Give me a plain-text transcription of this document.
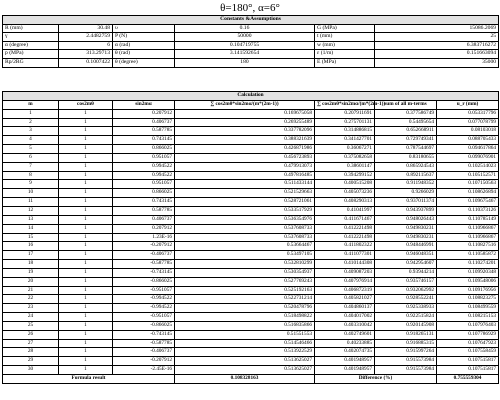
θ=180°, α=6°
Constants &Assumptions					
R (mm)	30.48	υ	0.16	G (MPa)	15086.2069
γ	2.4482759	P (N)	50000	t (mm)	25
α (degree)	6	α (rad)	0.104719755	w (mm)	6.383716272
p (MPa)	313.29713	θ (rad)	3.141592654	ε (1/m)	0.151663094
Rp/2RG	0.1007422	θ (degree)	180	E (MPa)	35000
Calculation						
m	cos2mθ	sin2mα	∑ cos2mθ*sin2mα/(m*(2m-1))	∑ cos2mθ*sin2mα/(m*(2m-1))	sum of all m-terms	u_r (mm)
1	1	0.207912	0.169675058	0.207911691	0.377586749	0.053317796
2	1	0.406737	0.269255489	0.275701131	0.54495654	0.077078799
3	1	0.587785	0.337782096	0.314886815	0.652668911	0.08103018
4	1	0.743145	0.388321639	0.341427701	0.729749341	0.088705433
5	1	0.866025	0.426871986	0.36067271	0.787544697	0.094617864
6	1	0.951057	0.456723893	0.375082658	0.83180655	0.099076901
7	1	0.994522	0.479913073	0.38601147	0.865924543	0.102514023
8	1	0.994522	0.497816485	0.394299152	0.892115637	0.105152571
9	1	0.951057	0.511433144	0.400515208	0.911948352	0.107150563
10	1	0.866025	0.521529663	0.405073236	0.9266029	0.108626894
11	1	0.743145	0.528721061	0.408290313	0.937011374	0.109675467
12	1	0.587785	0.533517929	0.41041997	0.943937899	0.110373126
13	1	0.406737	0.536354976	0.411671467	0.948026443	0.110785149
14	1	0.207912	0.537608733	0.412221498	0.949830231	0.110966867
15	1	1.23E-16	0.537608733	0.412221498	0.949830231	0.110966867
16	1	-0.207912	0.53664467	0.411802322	0.948446991	0.110827516
17	1	-0.406737	0.53497105	0.411077301	0.946048351	0.110585872
18	1	-0.587785	0.532810299	0.410144308	0.942954607	0.110274201
19	1	-0.743145	0.530354937	0.409087203	0.93944214	0.109920348
20	1	-0.866025	0.527769243	0.407976914	0.935746157	0.109548006
21	1	-0.951057	0.525192163	0.406872319	0.932062992	0.109176956
22	1	-0.994522	0.522731214	0.405821027	0.928552241	0.108823275
23	1	-0.994522	0.520478796	0.404860137	0.925338933	0.108499559
24	1	-0.951057	0.518498822	0.404017002	0.922515824	0.108215153
25	1	-0.866025	0.516835866	0.403310042	0.920145908	0.107976403
26	1	-0.743145	0.51551553	0.402749601	0.918265131	0.107786929
27	1	-0.587785	0.514546466	0.40233885	0.916885315	0.107647923
28	1	-0.406737	0.513922529	0.402074735	0.915997264	0.107558459
29	1	-0.207912	0.513625027	0.401948957	0.915573984	0.107515817
30	1	-2.45E-16	0.513625027	0.401948957	0.915573984	0.107515817
Formula result			0.108328163	Difference (%)		0.755559304
